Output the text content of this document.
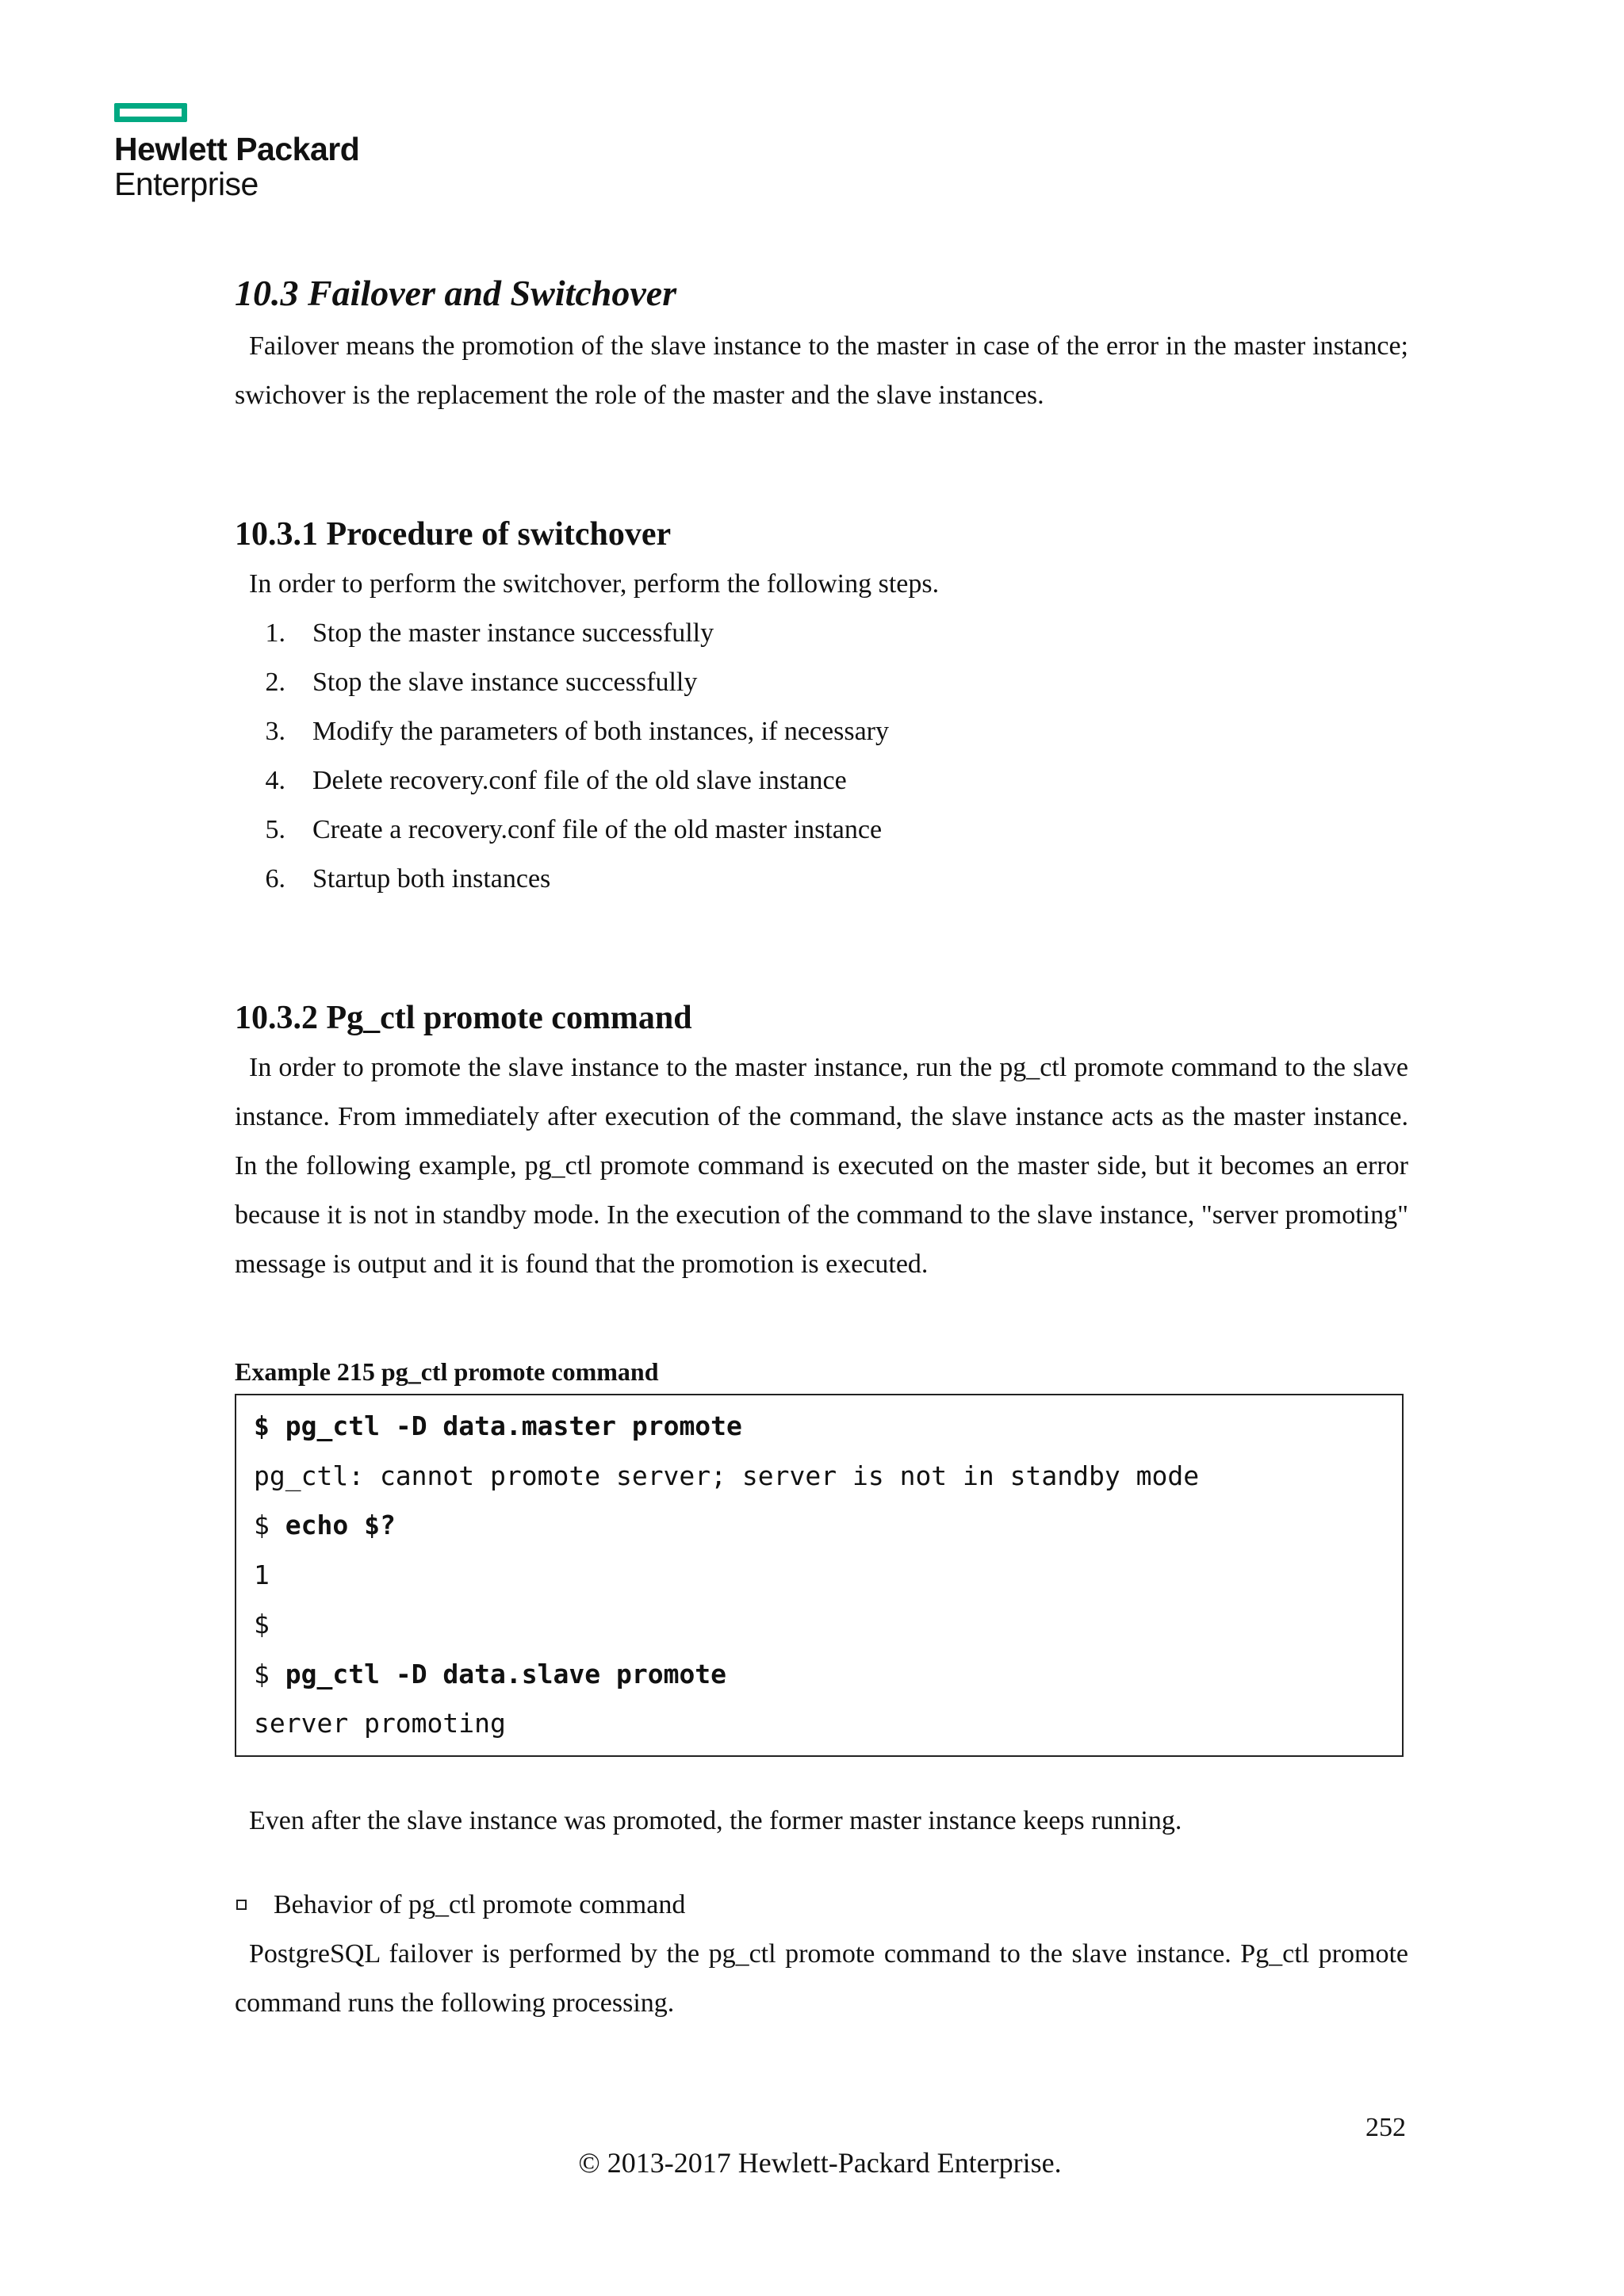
Hewlett Packard
Enterprise
10.3 Failover and Switchover

Failover means the promotion of the slave instance to the master in case of the error in the master instance; swichover is the replacement the role of the master and the slave instances.

10.3.1 Procedure of switchover

In order to perform the switchover, perform the following steps.

1.	Stop the master instance successfully
2.	Stop the slave instance successfully
3.	Modify the parameters of both instances, if necessary
4.	Delete recovery.conf file of the old slave instance
5.	Create a recovery.conf file of the old master instance
6.	Startup both instances
10.3.2 Pg_ctl promote command

In order to promote the slave instance to the master instance, run the pg_ctl promote command to the slave instance. From immediately after execution of the command, the slave instance acts as the master instance. In the following example, pg_ctl promote command is executed on the master side, but it becomes an error because it is not in standby mode. In the execution of the command to the slave instance, "server promoting" message is output and it is found that the promotion is executed.

Example 215 pg_ctl promote command

$ pg_ctl -D data.master promote
pg_ctl: cannot promote server; server is not in standby mode
$ echo $?
1
$
$ pg_ctl -D data.slave promote
server promoting

Even after the slave instance was promoted, the former master instance keeps running.

Behavior of pg_ctl promote command

PostgreSQL failover is performed by the pg_ctl promote command to the slave instance. Pg_ctl promote command runs the following processing.

252
© 2013-2017 Hewlett-Packard Enterprise.
